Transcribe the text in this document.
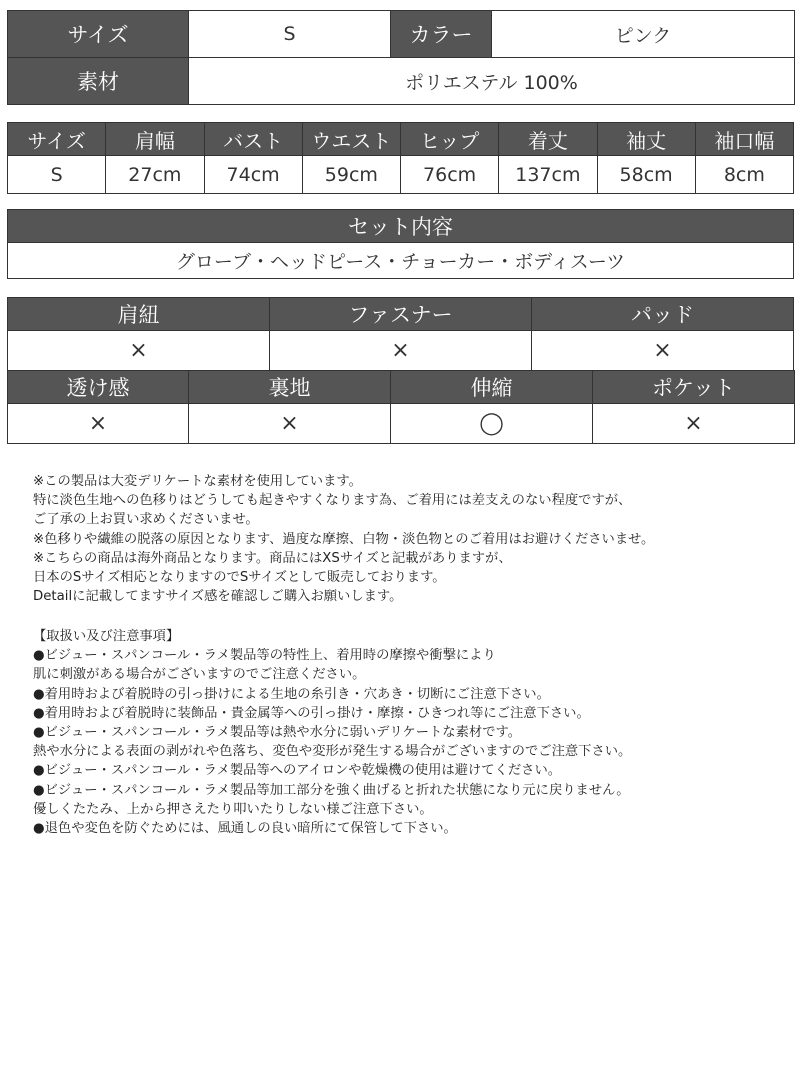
サイズ	S	カラー	ピンク
素材	ポリエステル 100%		
サイズ	肩幅	バスト	ウエスト	ヒップ	着丈	袖丈	袖口幅
S	27cm	74cm	59cm	76cm	137cm	58cm	8cm
セット内容
グローブ・ヘッドピース・チョーカー・ボディスーツ
肩紐	ファスナー	パッド
×	×	×
透け感	裏地	伸縮	ポケット
×	×	◯	×
※この製品は大変デリケートな素材を使用しています。
特に淡色生地への色移りはどうしても起きやすくなります為、ご着用には差支えのない程度ですが、
ご了承の上お買い求めくださいませ。
※色移りや繊維の脱落の原因となります、過度な摩擦、白物・淡色物とのご着用はお避けくださいませ。
※こちらの商品は海外商品となります。商品にはXSサイズと記載がありますが、
日本のSサイズ相応となりますのでSサイズとして販売しております。
Detailに記載してますサイズ感を確認しご購入お願いします。
【取扱い及び注意事項】
●ビジュー・スパンコール・ラメ製品等の特性上、着用時の摩擦や衝撃により
肌に刺激がある場合がございますのでご注意ください。
●着用時および着脱時の引っ掛けによる生地の糸引き・穴あき・切断にご注意下さい。
●着用時および着脱時に装飾品・貴金属等への引っ掛け・摩擦・ひきつれ等にご注意下さい。
●ビジュー・スパンコール・ラメ製品等は熱や水分に弱いデリケートな素材です。
熱や水分による表面の剥がれや色落ち、変色や変形が発生する場合がございますのでご注意下さい。
●ビジュー・スパンコール・ラメ製品等へのアイロンや乾燥機の使用は避けてください。
●ビジュー・スパンコール・ラメ製品等加工部分を強く曲げると折れた状態になり元に戻りません。
優しくたたみ、上から押さえたり叩いたりしない様ご注意下さい。
●退色や変色を防ぐためには、風通しの良い暗所にて保管して下さい。
